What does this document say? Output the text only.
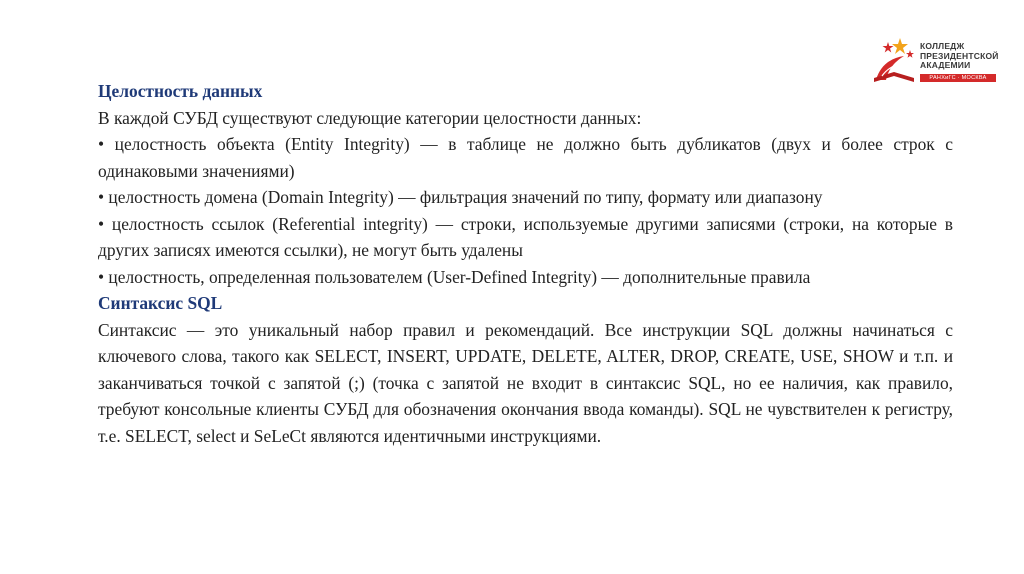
КОЛЛЕДЖ
ПРЕЗИДЕНТСКОЙ
АКАДЕМИИ
РАНХиГС · МОСКВА

Целостность данных

В каждой СУБД существуют следующие категории целостности данных:

• целостность объекта (Entity Integrity) — в таблице не должно быть дубликатов (двух и более строк с одинаковыми значениями)

• целостность домена (Domain Integrity) — фильтрация значений по типу, формату или диапазону

• целостность ссылок (Referential integrity) — строки, используемые другими записями (строки, на которые в других записях имеются ссылки), не могут быть удалены

• целостность, определенная пользователем (User-Defined Integrity) — дополнительные правила

Синтаксис SQL

Синтаксис — это уникальный набор правил и рекомендаций. Все инструкции SQL должны начинаться с ключевого слова, такого как SELECT, INSERT, UPDATE, DELETE, ALTER, DROP, CREATE, USE, SHOW и т.п. и заканчиваться точкой с запятой (;) (точка с запятой не входит в синтаксис SQL, но ее наличия, как правило, требуют консольные клиенты СУБД для обозначения окончания ввода команды). SQL не чувствителен к регистру, т.е. SELECT, select и SeLeCt являются идентичными инструкциями.
